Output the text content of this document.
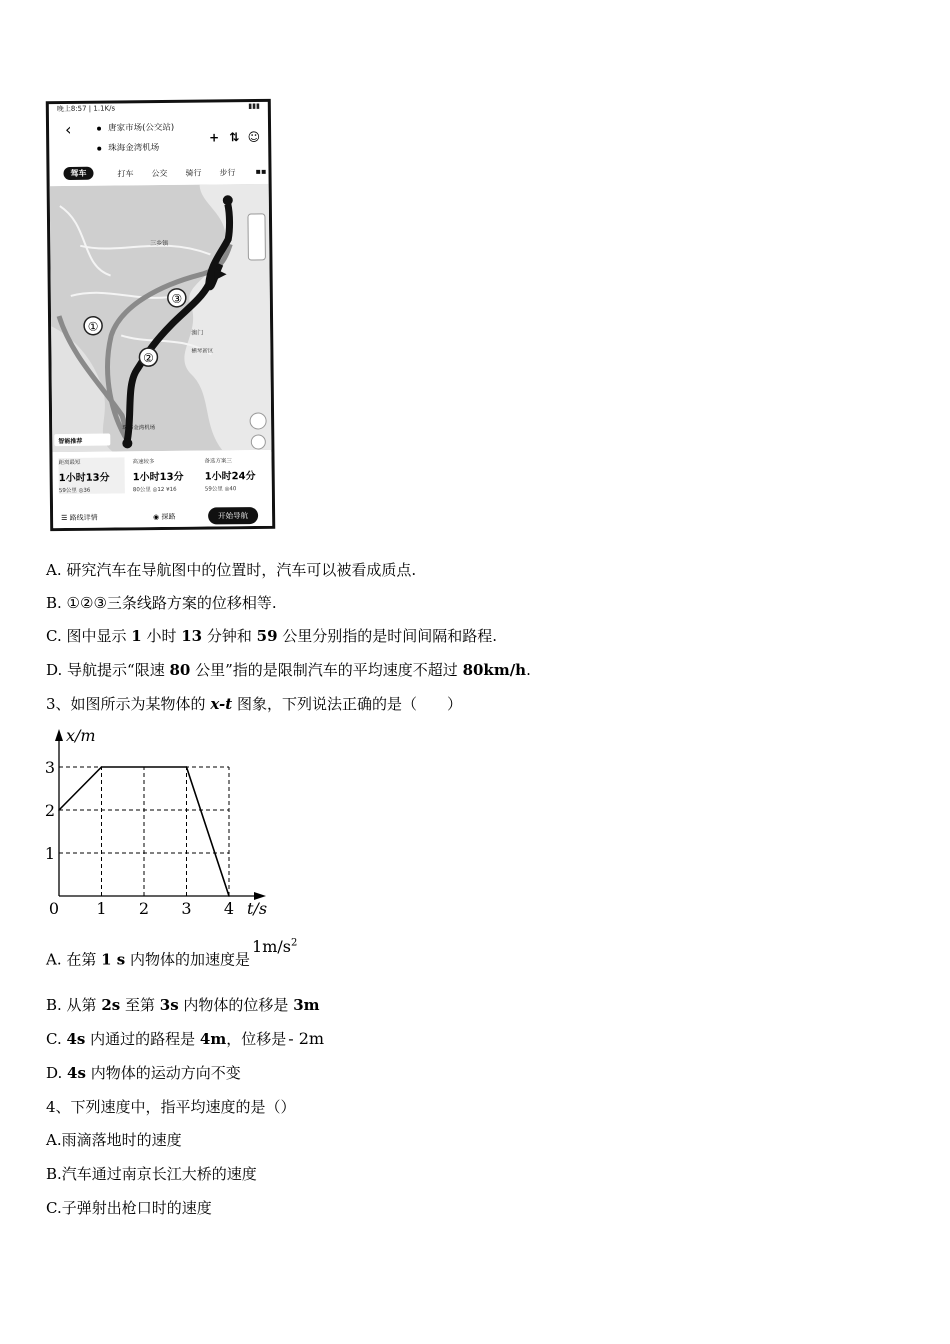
晚上8:57 | 1.1K/s	▮▮▮
‹	唐家市场(公交站)
珠海金湾机场
+ ⇅ ☺
驾车	打车 公交 骑行 步行 ▪▪
①
②
③
三乡镇
澳门
横琴新区
珠海金湾机场
智能推荐
距离最短
1小时13分
59公里 ◎36
高速较多
1小时13分
80公里 ◎12 ¥16
备选方案三
1小时24分
59公里 ◎40
☰ 路线详情	◉ 探路	开始导航
A. 研究汽车在导航图中的位置时，汽车可以被看成质点.
B. ①②③三条线路方案的位移相等.
C. 图中显示 1 小时 13 分钟和 59 公里分别指的是时间间隔和路程.
D. 导航提示“限速 80 公里”指的是限制汽车的平均速度不超过 80km/h.
3、如图所示为某物体的 x-t 图象，下列说法正确的是（　　）
x/m
t/s
0 1 2 3 4
1
2
3
A. 在第 1 s 内物体的加速度是$1m/s^2$
B. 从第 2s 至第 3s 内物体的位移是 3m
C. 4s 内通过的路程是 4m，位移是 - 2m
D. 4s 内物体的运动方向不变
4、下列速度中，指平均速度的是（）
A.雨滴落地时的速度
B.汽车通过南京长江大桥的速度
C.子弹射出枪口时的速度
